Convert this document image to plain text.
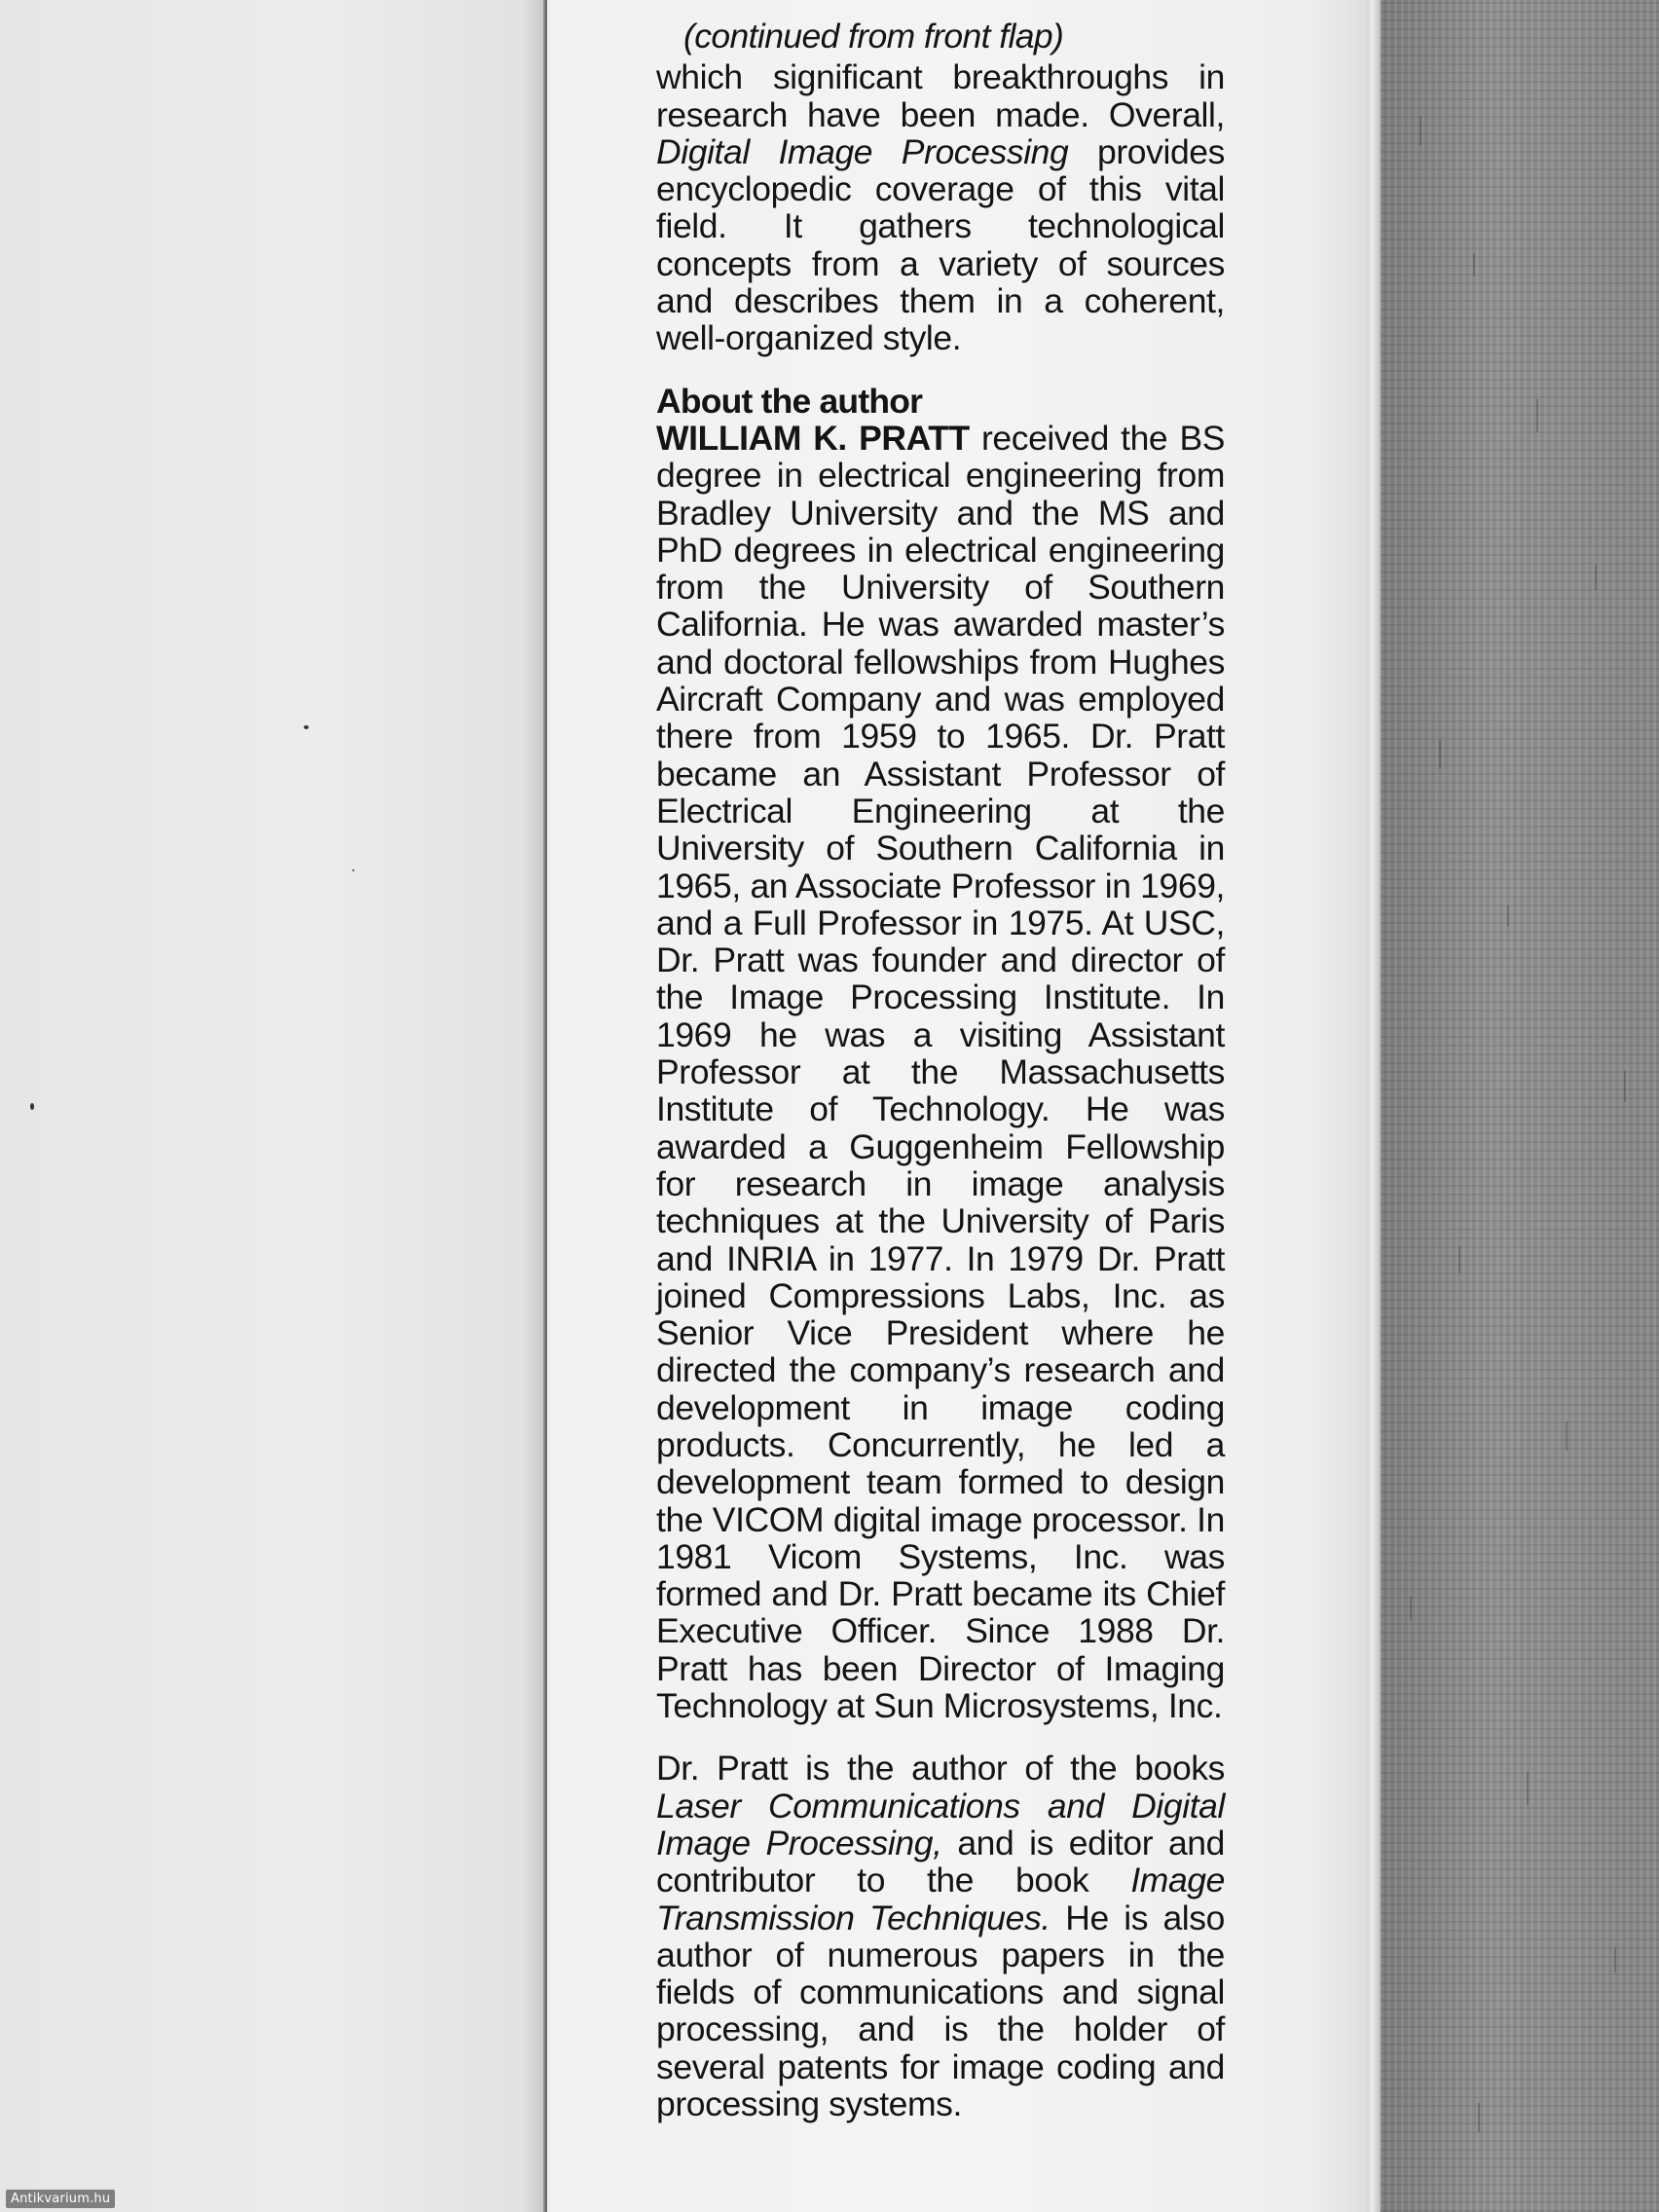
(continued from front flap)

which significant breakthroughs in research have been made. Overall, Digital Image Processing provides encyclopedic coverage of this vital field. It gathers technological concepts from a variety of sources and describes them in a coherent, well-organized style.

About the author

WILLIAM K. PRATT received the BS degree in electrical engineering from Bradley University and the MS and PhD degrees in electrical engineering from the University of Southern California. He was awarded master’s and doctoral fellowships from Hughes Aircraft Company and was employed there from 1959 to 1965. Dr. Pratt became an Assistant Professor of Electrical Engineering at the University of Southern California in 1965, an Associate Professor in 1969, and a Full Professor in 1975. At USC, Dr. Pratt was founder and director of the Image Processing Institute. In 1969 he was a visiting Assistant Professor at the Massachusetts Institute of Technology. He was awarded a Guggenheim Fellowship for research in image analysis techniques at the University of Paris and INRIA in 1977. In 1979 Dr. Pratt joined Compressions Labs, Inc. as Senior Vice President where he directed the company’s research and development in image coding products. Concurrently, he led a development team formed to design the VICOM digital image processor. In 1981 Vicom Systems, Inc. was formed and Dr. Pratt became its Chief Executive Officer. Since 1988 Dr. Pratt has been Director of Imaging Technology at Sun Microsystems, Inc.

Dr. Pratt is the author of the books Laser Communications and Digital Image Processing, and is editor and contributor to the book Image Transmission Techniques. He is also author of numerous papers in the fields of communications and signal processing, and is the holder of several patents for image coding and processing systems.

Antikvarium.hu
